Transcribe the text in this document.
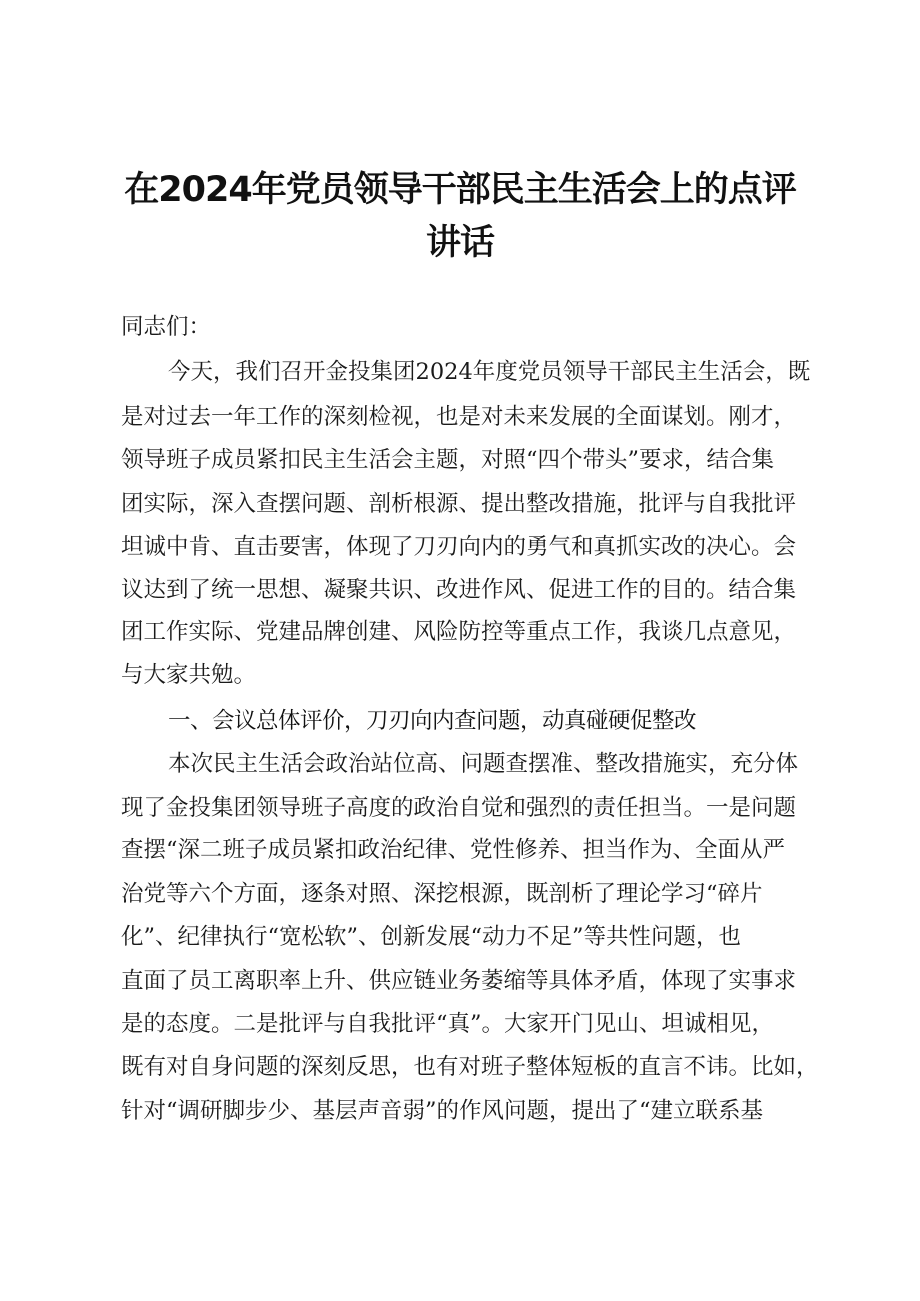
在2024年党员领导干部民主生活会上的点评
讲话
同志们：
今天，我们召开金投集团2024年度党员领导干部民主生活会，既
是对过去一年工作的深刻检视，也是对未来发展的全面谋划。刚才，
领导班子成员紧扣民主生活会主题，对照“四个带头”要求，结合集
团实际，深入查摆问题、剖析根源、提出整改措施，批评与自我批评
坦诚中肯、直击要害，体现了刀刃向内的勇气和真抓实改的决心。会
议达到了统一思想、凝聚共识、改进作风、促进工作的目的。结合集
团工作实际、党建品牌创建、风险防控等重点工作，我谈几点意见，
与大家共勉。
一、会议总体评价，刀刃向内查问题，动真碰硬促整改
本次民主生活会政治站位高、问题查摆准、整改措施实，充分体
现了金投集团领导班子高度的政治自觉和强烈的责任担当。一是问题
查摆“深二班子成员紧扣政治纪律、党性修养、担当作为、全面从严
治党等六个方面，逐条对照、深挖根源，既剖析了理论学习“碎片
化”、纪律执行“宽松软”、创新发展“动力不足”等共性问题，也
直面了员工离职率上升、供应链业务萎缩等具体矛盾，体现了实事求
是的态度。二是批评与自我批评“真”。大家开门见山、坦诚相见，
既有对自身问题的深刻反思，也有对班子整体短板的直言不讳。比如，
针对“调研脚步少、基层声音弱”的作风问题，提出了“建立联系基
